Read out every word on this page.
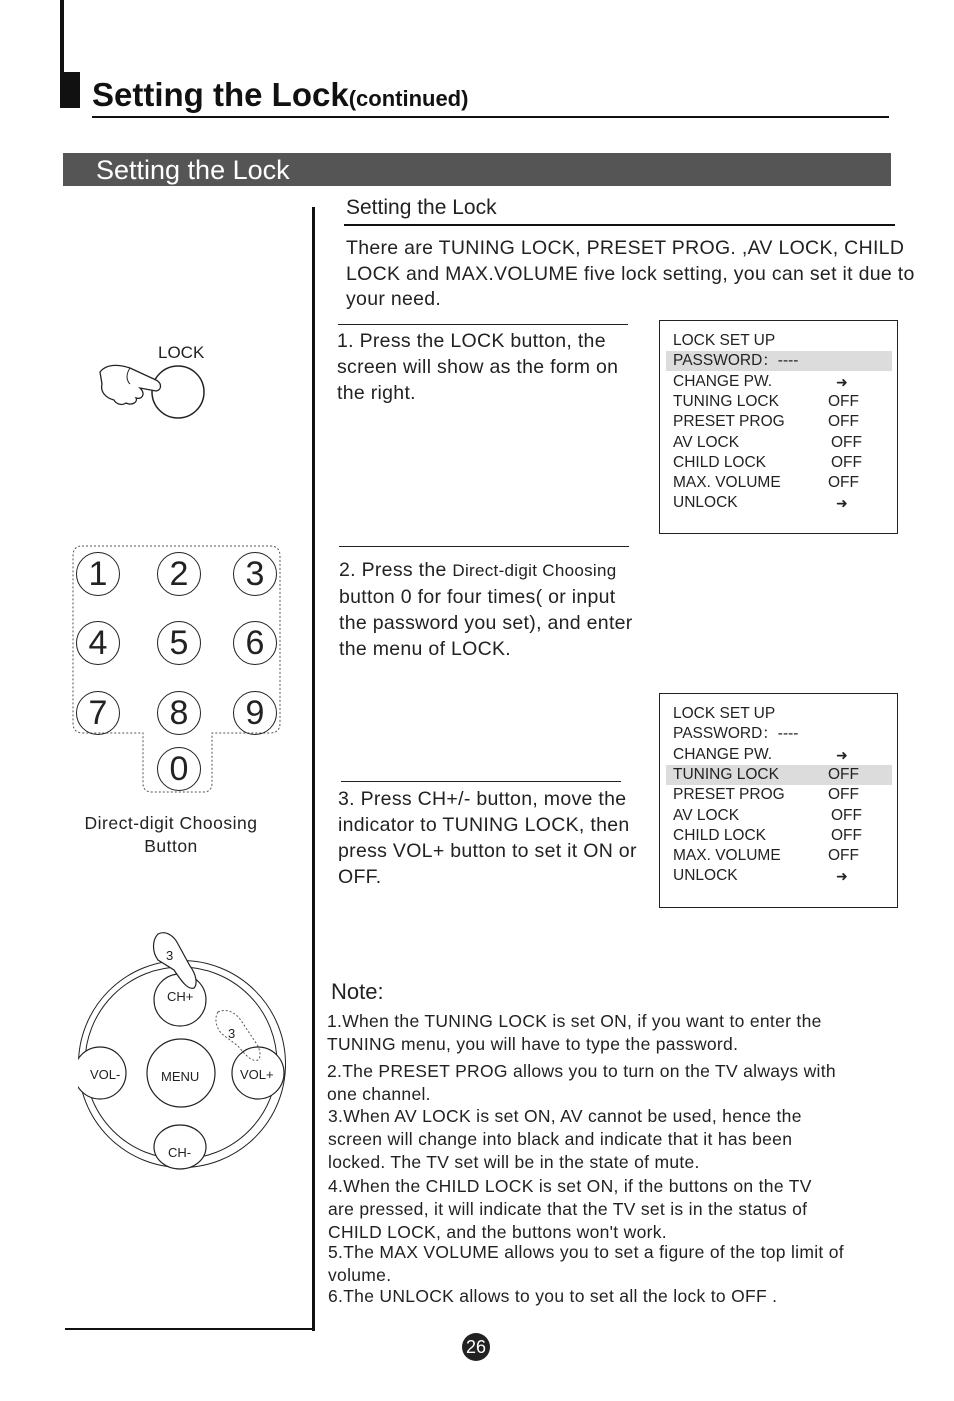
Setting the Lock(continued)
Setting the Lock
Setting the Lock
There are TUNING LOCK, PRESET PROG. ,AV LOCK, CHILD LOCK and MAX.VOLUME five lock setting, you can set it due to your need.
1. Press the LOCK button, the screen will show as the form on the right.
LOCK SET UP
PASSWORD：----
CHANGE PW.	➜
TUNING LOCK	OFF
PRESET PROG	OFF
AV LOCK	OFF
CHILD LOCK	OFF
MAX. VOLUME	OFF
UNLOCK	➜
2. Press the Direct-digit Choosing button 0 for four times( or input the password you set), and enter the menu of LOCK.
LOCK SET UP
PASSWORD：----
CHANGE PW.	➜
TUNING LOCK	OFF
PRESET PROG	OFF
AV LOCK	OFF
CHILD LOCK	OFF
MAX. VOLUME	OFF
UNLOCK	➜
3. Press CH+/- button, move the indicator to TUNING LOCK, then press VOL+ button to set it ON or OFF.
LOCK
1	2	3
4	5	6
7	8	9
0
Direct-digit Choosing
Button
3
3
CH+
CH-
VOL-	VOL+
MENU
Note:
1.When the TUNING LOCK is set ON, if you want to enter the
TUNING menu, you will have to type the password.
2.The PRESET PROG allows you to turn on the TV always with
one channel.
3.When AV LOCK is set ON, AV cannot be used, hence the
screen will change into black and indicate that it has been
locked. The TV set will be in the state of mute.
4.When the CHILD LOCK is set ON, if the buttons on the TV
are pressed, it will indicate that the TV set is in the status of
CHILD LOCK, and the buttons won't work.
5.The MAX VOLUME allows you to set a figure of the top limit of
volume.
6.The UNLOCK allows to you to set all the lock to OFF .
26
